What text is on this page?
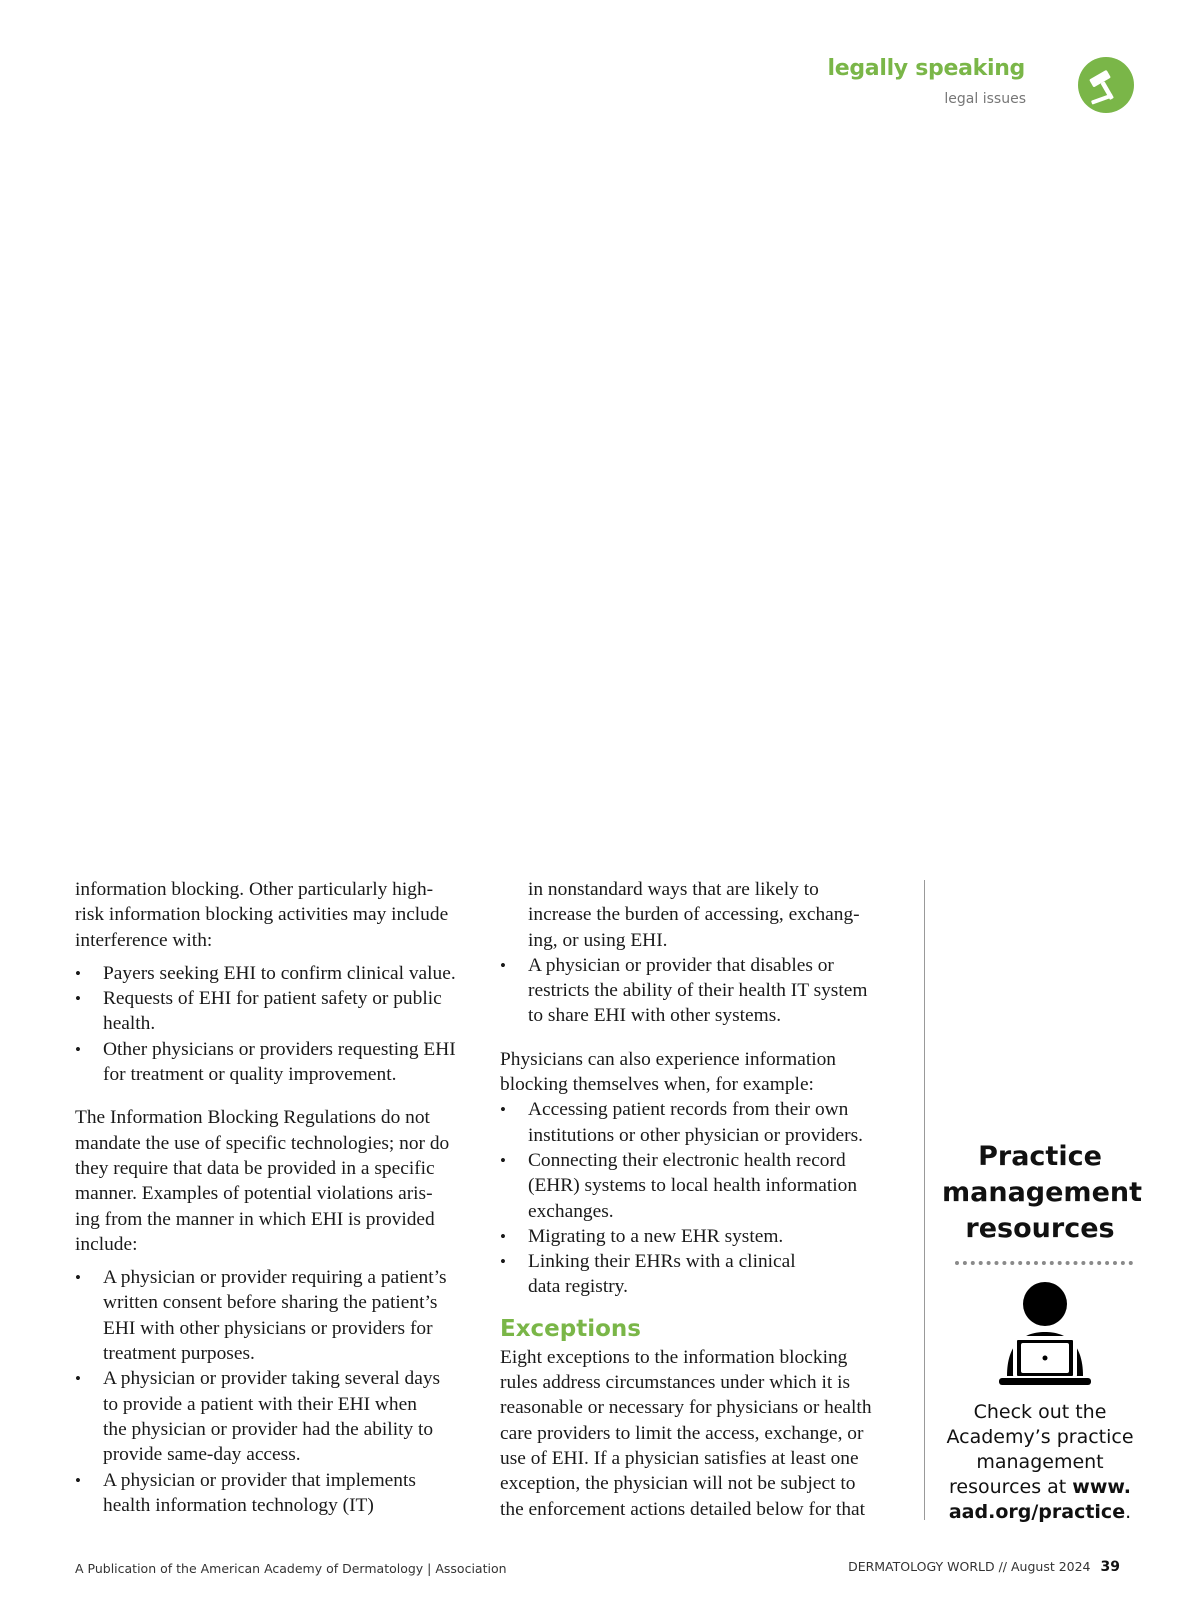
legally speaking
legal issues

information blocking. Other particularly high-
risk information blocking activities may include
interference with:

• Payers seeking EHI to confirm clinical value.
• Requests of EHI for patient safety or public
health.
• Other physicians or providers requesting EHI
for treatment or quality improvement.

The Information Blocking Regulations do not
mandate the use of specific technologies; nor do
they require that data be provided in a specific
manner. Examples of potential violations aris-
ing from the manner in which EHI is provided
include:

• A physician or provider requiring a patient’s
written consent before sharing the patient’s
EHI with other physicians or providers for
treatment purposes.
• A physician or provider taking several days
to provide a patient with their EHI when
the physician or provider had the ability to
provide same-day access.
• A physician or provider that implements
health information technology (IT)
in nonstandard ways that are likely to
increase the burden of accessing, exchang-
ing, or using EHI.
• A physician or provider that disables or
restricts the ability of their health IT system
to share EHI with other systems.

Physicians can also experience information
blocking themselves when, for example:

• Accessing patient records from their own
institutions or other physician or providers.
• Connecting their electronic health record
(EHR) systems to local health information
exchanges.
• Migrating to a new EHR system.
• Linking their EHRs with a clinical
data registry.
Exceptions

Eight exceptions to the information blocking
rules address circumstances under which it is
reasonable or necessary for physicians or health
care providers to limit the access, exchange, or
use of EHI. If a physician satisfies at least one
exception, the physician will not be subject to
the enforcement actions detailed below for that

Practice
management
resources
Check out the
Academy’s practice
management
resources at www.
aad.org/practice.
A Publication of the American Academy of Dermatology | Association	DERMATOLOGY WORLD // August 2024 39
